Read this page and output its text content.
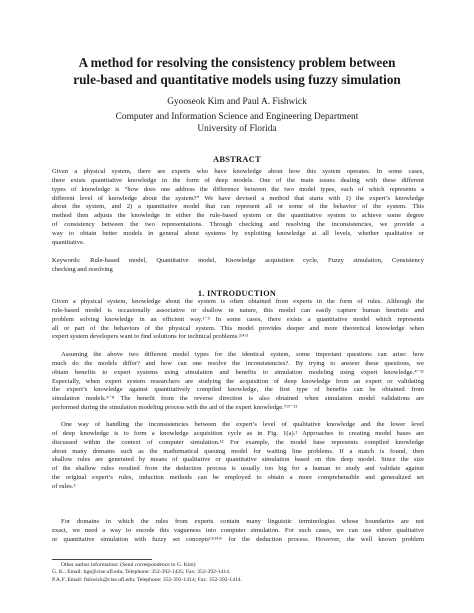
A method for resolving the consistency problem between
rule-based and quantitative models using fuzzy simulation
Gyooseok Kim and Paul A. Fishwick
Computer and Information Science and Engineering Department
University of Florida
ABSTRACT
Given a physical system, there are experts who have knowledge about how this system operates. In some cases,
there exists quantitative knowledge in the form of deep models. One of the main issues dealing with these different
types of knowledge is “how does one address the difference between the two model types, each of which represents a
different level of knowledge about the system?” We have devised a method that starts with 1) the expert’s knowledge
about the system, and 2) a quantitative model that can represent all or some of the behavior of the system. This
method then adjusts the knowledge in either the rule-based system or the quantitative system to achieve some degree
of consistency between the two representations. Through checking and resolving the inconsistencies, we provide a
way to obtain better models in general about systems by exploiting knowledge at all levels, whether qualitative or
quantitative.
Keywords: Rule-based model, Quantitative model, Knowledge acquisition cycle, Fuzzy simulation, Consistency
checking and resolving
1. INTRODUCTION
Given a physical system, knowledge about the system is often obtained from experts in the form of rules. Although the
rule-based model is occasionally associative or shallow in nature, this model can easily capture human heuristic and
problem solving knowledge in an efficient way.¹⁻³ In some cases, there exists a quantitative model which represents
all or part of the behaviors of the physical system. This model provides deeper and more theoretical knowledge when
expert system developers want to find solutions for technical problems.²ʴ⁴ʴ³
Assuming the above two different model types for the identical system, some important questions can arise: how
much do the models differ? and how can one resolve the inconsistencies?. By trying to answer these questions, we
obtain benefits to expert systems using simulation and benefits to simulation modeling using expert knowledge.⁴⁻¹¹
Especially, when expert system researchers are studying the acquisition of deep knowledge from an expert or validating
the expert’s knowledge against quantitatively compiled knowledge, the first type of benefits can be obtained from
simulation models.⁴⁻⁸ The benefit from the reverse direction is also obtained when simulation model validations are
performed during the simulation modeling process with the aid of the expert knowledge.⁷ʴ⁹⁻¹¹
One way of handling the inconsistencies between the expert’s level of qualitative knowledge and the lower level
of deep knowledge is to form a knowledge acquisition cycle as in Fig. 1(a).² Approaches to creating model bases are
discussed within the context of computer simulation.¹² For example, the model base represents compiled knowledge
about many domains such as the mathematical queuing model for waiting line problems. If a match is found, then
shallow rules are generated by means of qualitative or quantitative simulation based on this deep model. Since the size
of the shallow rules resulted from the deduction process is usually too big for a human to study and validate against
the original expert’s rules, induction methods can be employed to obtain a more comprehensible and generalized set
of rules.²
For domains in which the rules from experts contain many linguistic terminologies whose boundaries are not
exact, we need a way to encode this vagueness into computer simulation. For such cases, we can use either qualitative
or quantitative simulation with fuzzy set concepts¹³ʴ¹⁴ʴ⁶ for the deduction process. However, the well known problem
Other author information: (Send correspondence to G. Kim)
G. K.: Email: kgs@cise.ufl.edu; Telephone: 352-392-1435; Fax: 352-392-1414.
P.A.F: Email: fishwick@cise.ufl.edu; Telephone: 352-392-1414; Fax: 352-392-1414.
